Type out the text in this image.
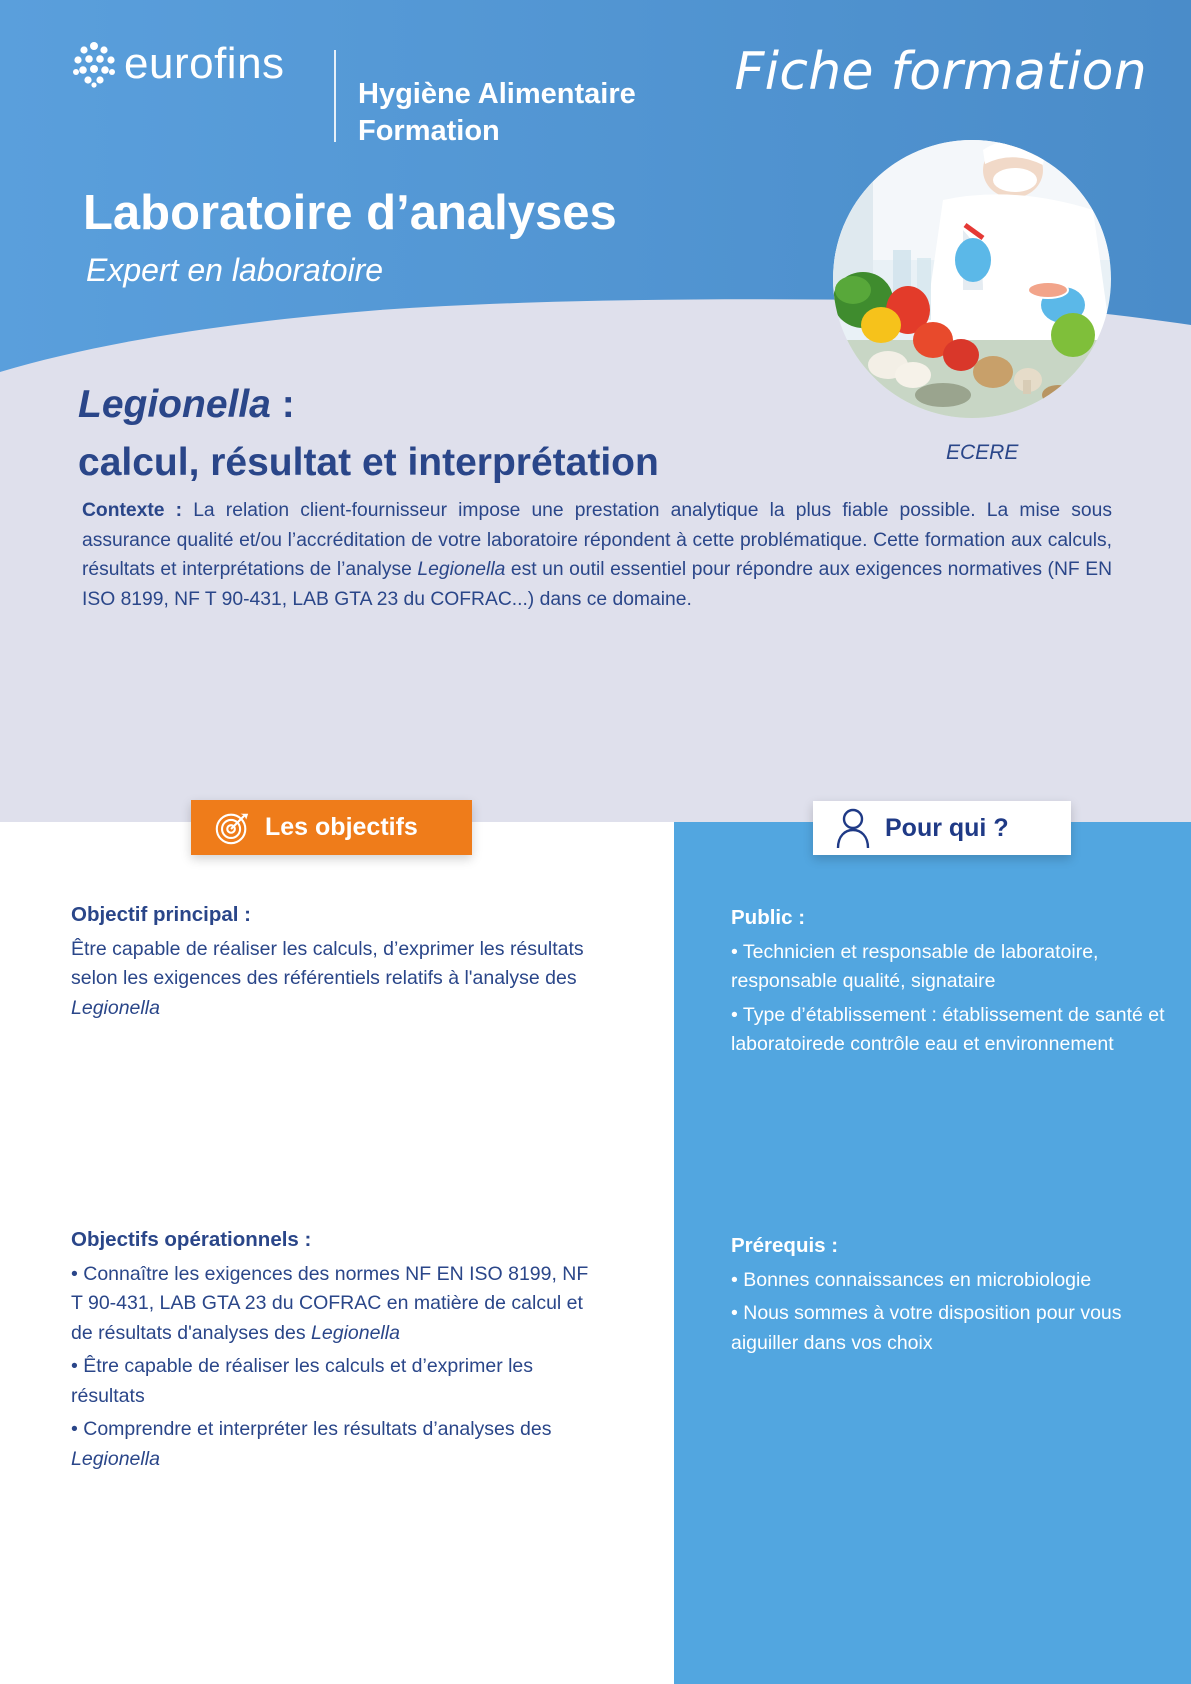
eurofins
Hygiène Alimentaire
Formation
Fiche formation
Laboratoire d’analyses
Expert en laboratoire
ECERE
Legionella :
calcul, résultat et interprétation

Contexte : La relation client-fournisseur impose une prestation analytique la plus fiable possible. La mise sous assurance qualité et/ou l’accréditation de votre laboratoire répondent à cette problématique. Cette formation aux calculs, résultats et interprétations de l’analyse Legionella est un outil essentiel pour répondre aux exigences normatives (NF EN ISO 8199, NF T 90-431, LAB GTA 23 du COFRAC...) dans ce domaine.

Les objectifs	Pour qui ?
Objectif principal :

Être capable de réaliser les calculs, d’exprimer les résultats selon les exigences des référentiels relatifs à l'analyse des Legionella

Objectifs opérationnels :

• Connaître les exigences des normes NF EN ISO 8199, NF T 90-431, LAB GTA 23 du COFRAC en matière de calcul et de résultats d'analyses des Legionella

• Être capable de réaliser les calculs et d’exprimer les résultats

• Comprendre et interpréter les résultats d’analyses des
Legionella

Public :

• Technicien et responsable de laboratoire, responsable qualité, signataire

• Type d’établissement : établissement de santé et laboratoirede contrôle eau et environnement

Prérequis :

• Bonnes connaissances en microbiologie

• Nous sommes à votre disposition pour vous aiguiller dans vos choix
